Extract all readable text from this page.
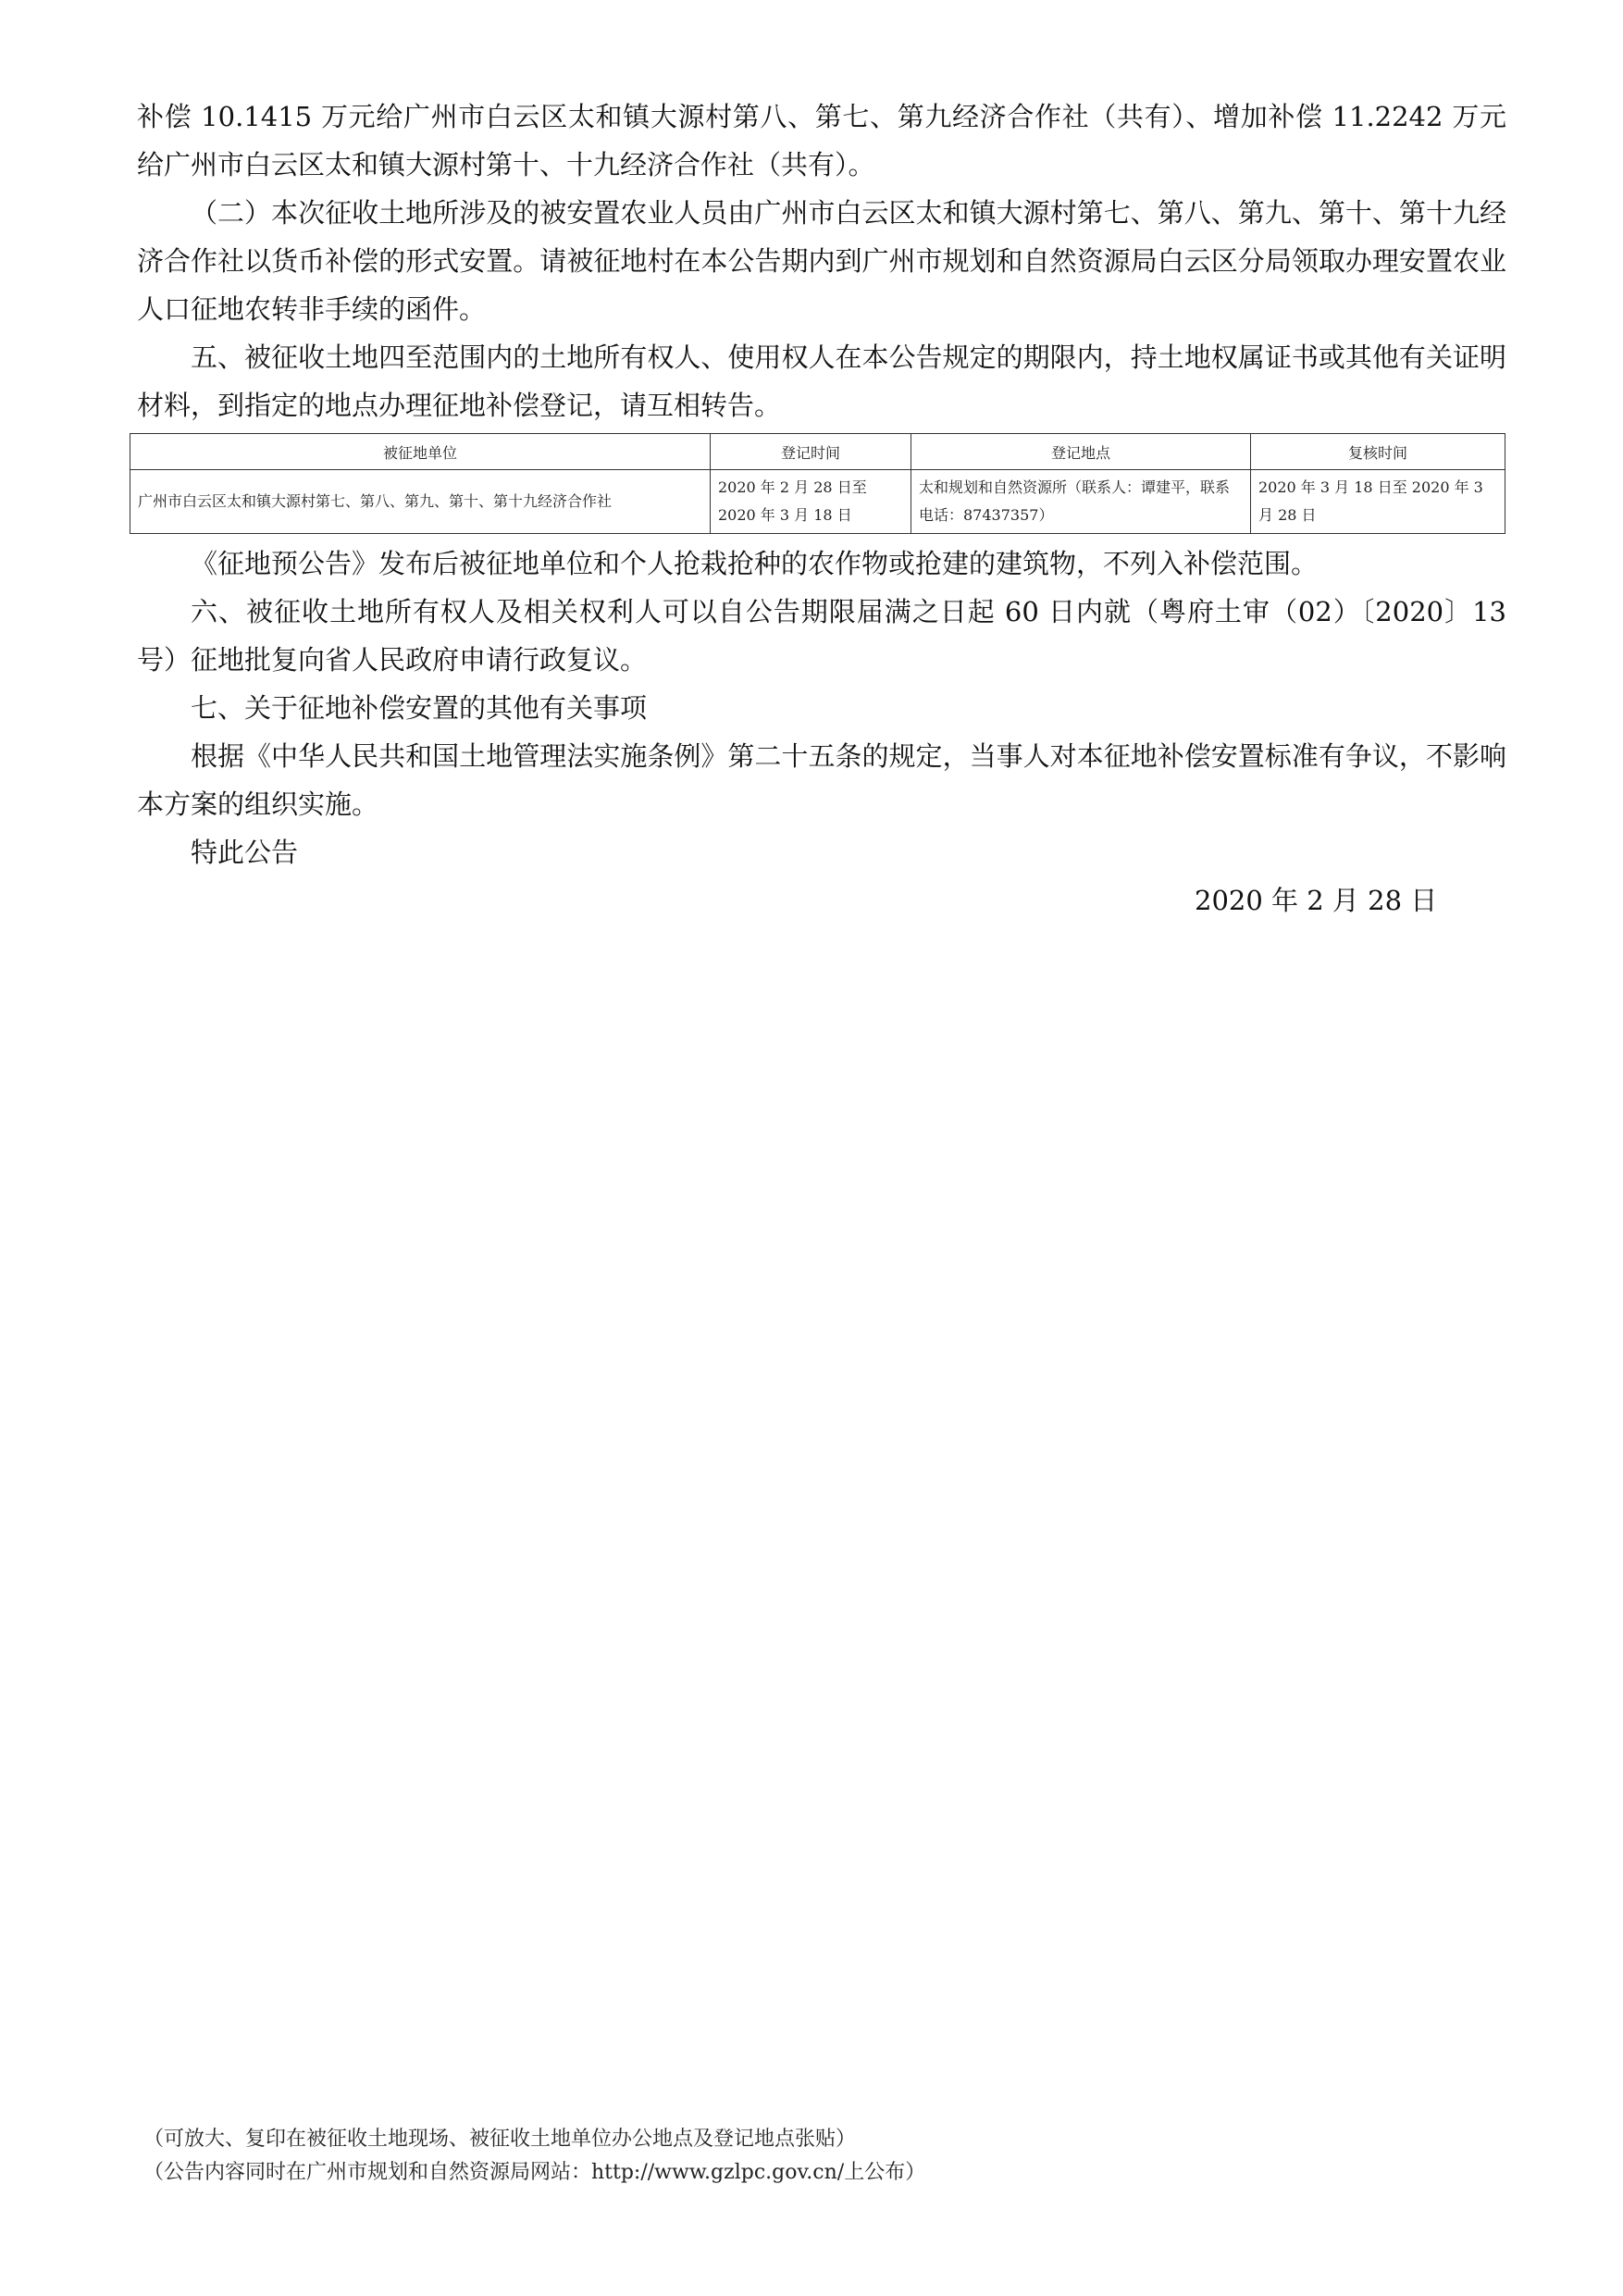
补偿 10.1415 万元给广州市白云区太和镇大源村第八、第七、第九经济合作社（共有）、增加补偿 11.2242 万元给广州市白云区太和镇大源村第十、十九经济合作社（共有）。

（二）本次征收土地所涉及的被安置农业人员由广州市白云区太和镇大源村第七、第八、第九、第十、第十九经济合作社以货币补偿的形式安置。请被征地村在本公告期内到广州市规划和自然资源局白云区分局领取办理安置农业人口征地农转非手续的函件。

五、被征收土地四至范围内的土地所有权人、使用权人在本公告规定的期限内，持土地权属证书或其他有关证明材料，到指定的地点办理征地补偿登记，请互相转告。

被征地单位	登记时间	登记地点	复核时间
广州市白云区太和镇大源村第七、第八、第九、第十、第十九经济合作社	2020 年 2 月 28 日至 2020 年 3 月 18 日	太和规划和自然资源所（联系人：谭建平，联系电话：87437357）	2020 年 3 月 18 日至 2020 年 3 月 28 日

《征地预公告》发布后被征地单位和个人抢栽抢种的农作物或抢建的建筑物，不列入补偿范围。

六、被征收土地所有权人及相关权利人可以自公告期限届满之日起 60 日内就（粤府土审（02）〔2020〕13 号）征地批复向省人民政府申请行政复议。

七、关于征地补偿安置的其他有关事项

根据《中华人民共和国土地管理法实施条例》第二十五条的规定，当事人对本征地补偿安置标准有争议，不影响本方案的组织实施。

特此公告

2020 年 2 月 28 日

（可放大、复印在被征收土地现场、被征收土地单位办公地点及登记地点张贴）

（公告内容同时在广州市规划和自然资源局网站：http://www.gzlpc.gov.cn/上公布）
